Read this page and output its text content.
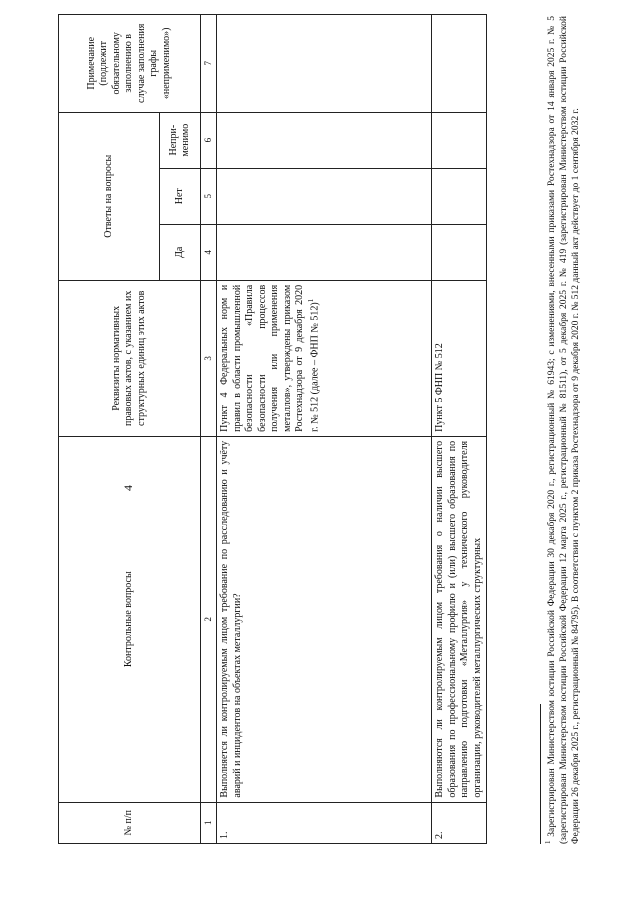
4
№ п/п	Контрольные вопросы	Реквизиты нормативных правовых актов, с указанием их структурных единиц этих актов	Ответы на вопросы			Примечание (подлежит обязательному заполнению в случае заполнения графы «неприменимо»)
			Да	Нет	Непри-менимо	
1	2	3	4	5	6	7
1.	Выполняется ли контролируемым лицом требование по расследованию и учёту аварий и инцидентов на объектах металлургии?	Пункт 4 Федеральных норм и правил в области промышленной безопасности «Правила безопасности процессов получения или применения металлов», утверждены приказом Ростехнадзора от 9 декабря 2020 г. № 512 (далее – ФНП № 512)$^1$				
2.	Выполняются ли контролируемым лицом требования о наличии высшего образования по профессиональному профилю и (или) высшего образования по направлению подготовки «Металлургия» у технического руководителя организации, руководителей металлургических структурных	Пункт 5 ФНП № 512				
$^1$ Зарегистрирован Министерством юстиции Российской Федерации 30 декабря 2020 г., регистрационный № 61943; с изменениями, внесенными приказами Ростехнадзора от 14 января 2025 г. № 5 (зарегистрирован Министерством юстиции Российской Федерации 12 марта 2025 г., регистрационный № 81511), от 5 декабря 2025 г. № 419 (зарегистрирован Министерством юстиции Российской Федерации 26 декабря 2025 г., регистрационный № 84795). В соответствии с пунктом 2 приказа Ростехнадзора от 9 декабря 2020 г. № 512 данный акт действует до 1 сентября 2032 г.
